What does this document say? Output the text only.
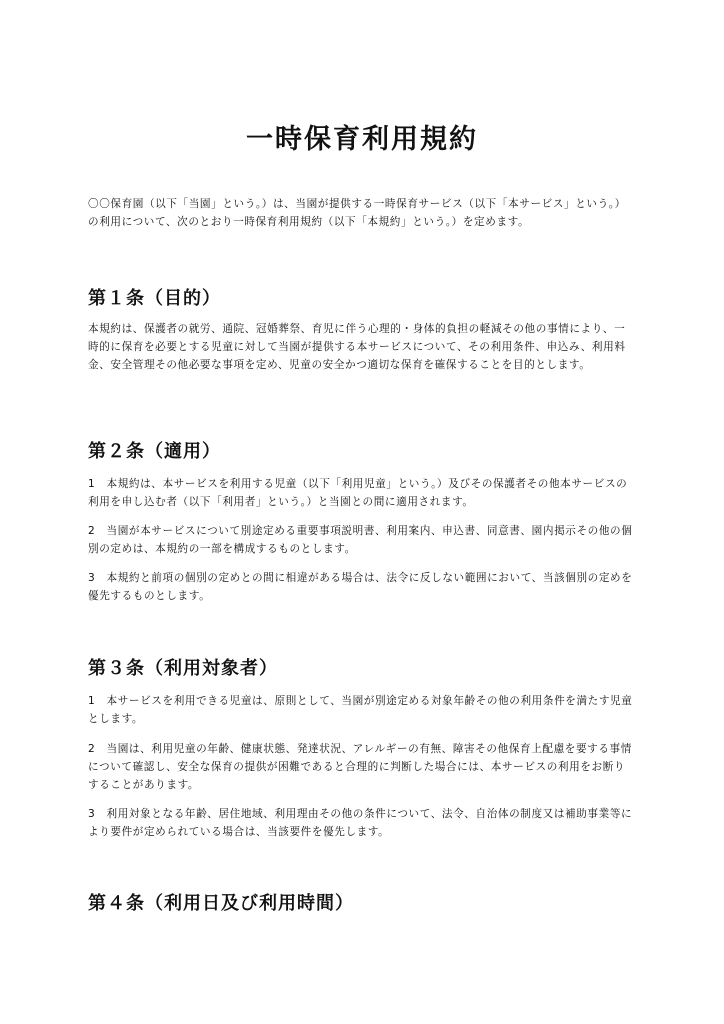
一時保育利用規約

〇〇保育園（以下「当園」という。）は、当園が提供する一時保育サービス（以下「本サービス」という。）の利用について、次のとおり一時保育利用規約（以下「本規約」という。）を定めます。

第１条（目的）

本規約は、保護者の就労、通院、冠婚葬祭、育児に伴う心理的・身体的負担の軽減その他の事情により、一時的に保育を必要とする児童に対して当園が提供する本サービスについて、その利用条件、申込み、利用料金、安全管理その他必要な事項を定め、児童の安全かつ適切な保育を確保することを目的とします。

第２条（適用）

1　本規約は、本サービスを利用する児童（以下「利用児童」という。）及びその保護者その他本サービスの利用を申し込む者（以下「利用者」という。）と当園との間に適用されます。

2　当園が本サービスについて別途定める重要事項説明書、利用案内、申込書、同意書、園内掲示その他の個別の定めは、本規約の一部を構成するものとします。

3　本規約と前項の個別の定めとの間に相違がある場合は、法令に反しない範囲において、当該個別の定めを優先するものとします。

第３条（利用対象者）

1　本サービスを利用できる児童は、原則として、当園が別途定める対象年齢その他の利用条件を満たす児童とします。

2　当園は、利用児童の年齢、健康状態、発達状況、アレルギーの有無、障害その他保育上配慮を要する事情について確認し、安全な保育の提供が困難であると合理的に判断した場合には、本サービスの利用をお断りすることがあります。

3　利用対象となる年齢、居住地域、利用理由その他の条件について、法令、自治体の制度又は補助事業等により要件が定められている場合は、当該要件を優先します。

第４条（利用日及び利用時間）
